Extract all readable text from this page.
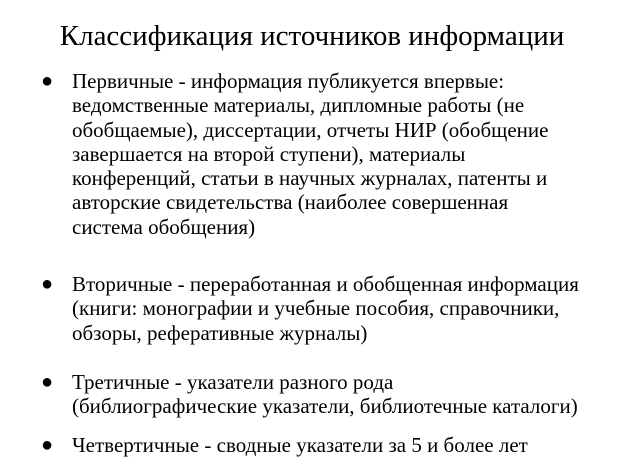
Классификация источников информации
● Первичные - информация публикуется впервые:
ведомственные материалы, дипломные работы (не
обобщаемые), диссертации, отчеты НИР (обобщение
завершается на второй ступени), материалы
конференций, статьи в научных журналах, патенты и
авторские свидетельства (наиболее совершенная
система обобщения)
● Вторичные - переработанная и обобщенная информация
(книги: монографии и учебные пособия, справочники,
обзоры, реферативные журналы)
● Третичные - указатели разного рода
(библиографические указатели, библиотечные каталоги)
● Четвертичные - сводные указатели за 5 и более лет
